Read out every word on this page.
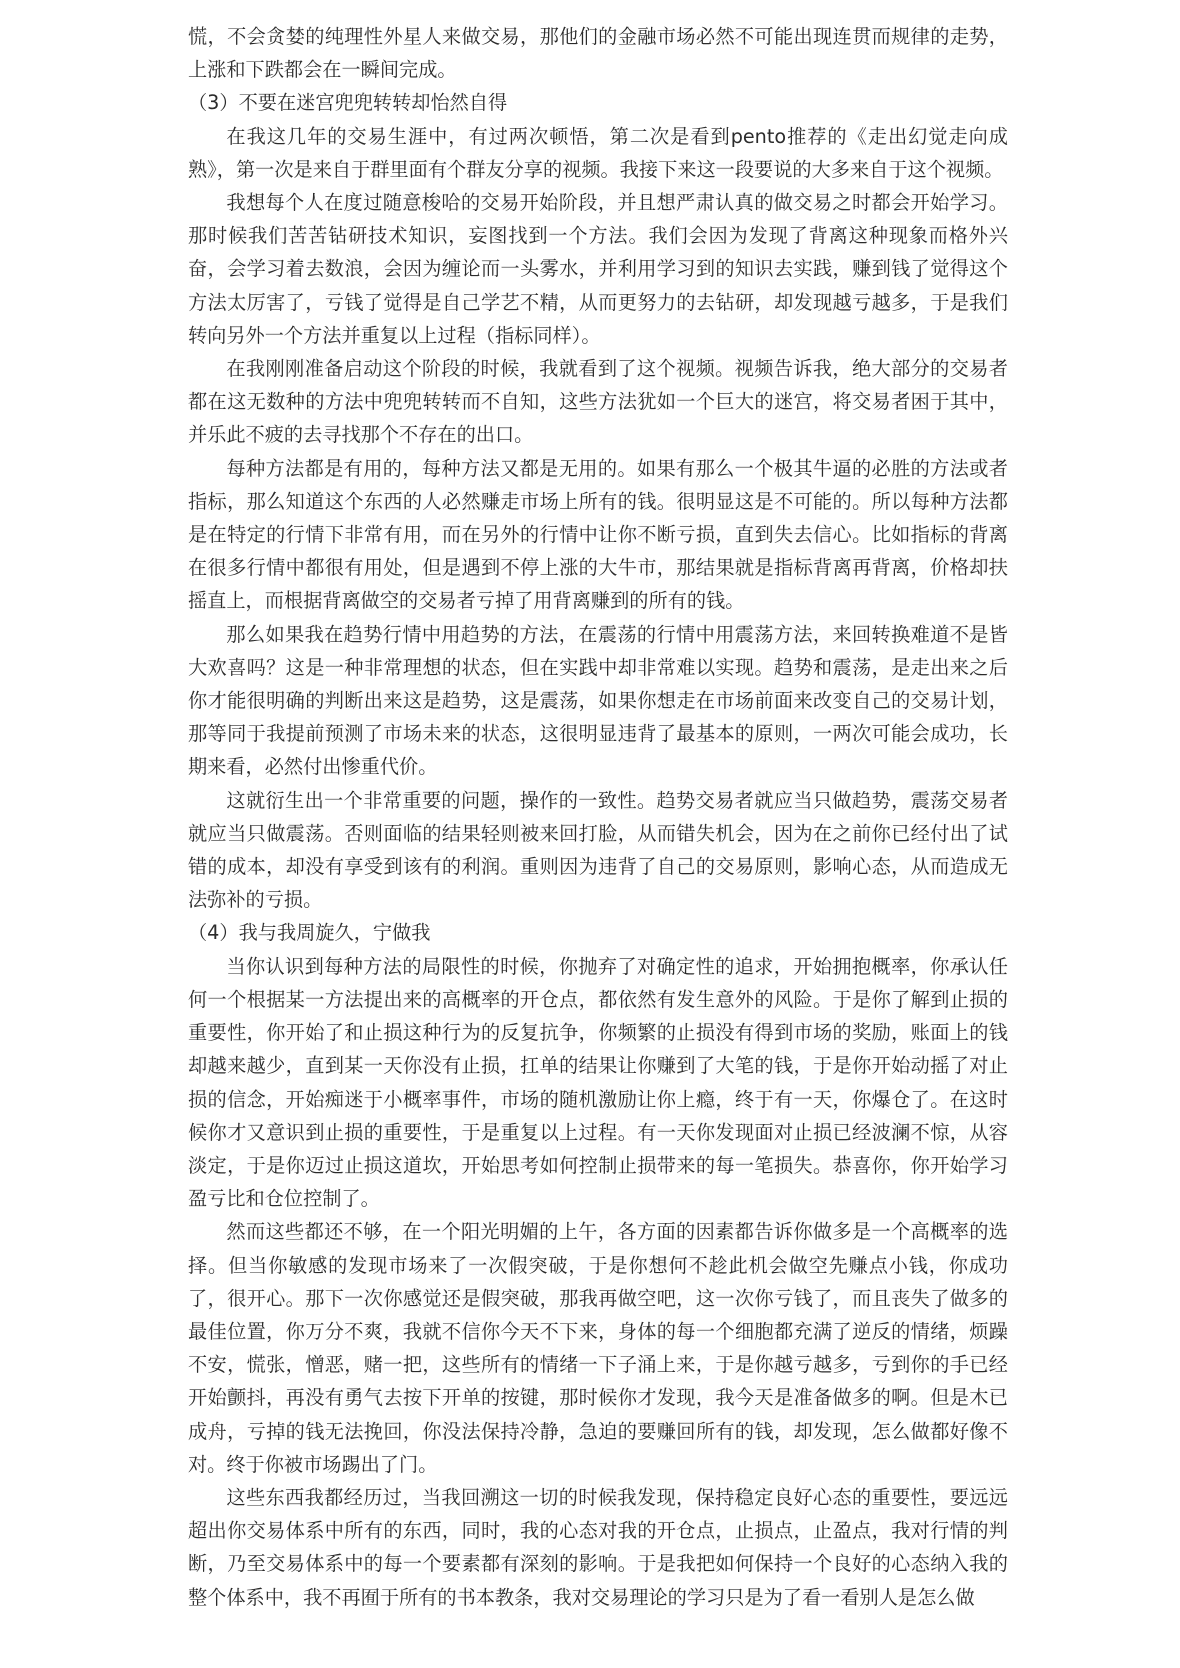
慌，不会贪婪的纯理性外星人来做交易，那他们的金融市场必然不可能出现连贯而规律的走势，上涨和下跌都会在一瞬间完成。

（3）不要在迷宫兜兜转转却怡然自得

在我这几年的交易生涯中，有过两次顿悟，第二次是看到pento推荐的《走出幻觉走向成熟》，第一次是来自于群里面有个群友分享的视频。我接下来这一段要说的大多来自于这个视频。

我想每个人在度过随意梭哈的交易开始阶段，并且想严肃认真的做交易之时都会开始学习。那时候我们苦苦钻研技术知识，妄图找到一个方法。我们会因为发现了背离这种现象而格外兴奋，会学习着去数浪，会因为缠论而一头雾水，并利用学习到的知识去实践，赚到钱了觉得这个方法太厉害了，亏钱了觉得是自己学艺不精，从而更努力的去钻研，却发现越亏越多，于是我们转向另外一个方法并重复以上过程（指标同样）。

在我刚刚准备启动这个阶段的时候，我就看到了这个视频。视频告诉我，绝大部分的交易者都在这无数种的方法中兜兜转转而不自知，这些方法犹如一个巨大的迷宫，将交易者困于其中，并乐此不疲的去寻找那个不存在的出口。

每种方法都是有用的，每种方法又都是无用的。如果有那么一个极其牛逼的必胜的方法或者指标，那么知道这个东西的人必然赚走市场上所有的钱。很明显这是不可能的。所以每种方法都是在特定的行情下非常有用，而在另外的行情中让你不断亏损，直到失去信心。比如指标的背离在很多行情中都很有用处，但是遇到不停上涨的大牛市，那结果就是指标背离再背离，价格却扶摇直上，而根据背离做空的交易者亏掉了用背离赚到的所有的钱。

那么如果我在趋势行情中用趋势的方法，在震荡的行情中用震荡方法，来回转换难道不是皆大欢喜吗？这是一种非常理想的状态，但在实践中却非常难以实现。趋势和震荡，是走出来之后你才能很明确的判断出来这是趋势，这是震荡，如果你想走在市场前面来改变自己的交易计划，那等同于我提前预测了市场未来的状态，这很明显违背了最基本的原则，一两次可能会成功，长期来看，必然付出惨重代价。

这就衍生出一个非常重要的问题，操作的一致性。趋势交易者就应当只做趋势，震荡交易者就应当只做震荡。否则面临的结果轻则被来回打脸，从而错失机会，因为在之前你已经付出了试错的成本，却没有享受到该有的利润。重则因为违背了自己的交易原则，影响心态，从而造成无法弥补的亏损。

（4）我与我周旋久，宁做我

当你认识到每种方法的局限性的时候，你抛弃了对确定性的追求，开始拥抱概率，你承认任何一个根据某一方法提出来的高概率的开仓点，都依然有发生意外的风险。于是你了解到止损的重要性，你开始了和止损这种行为的反复抗争，你频繁的止损没有得到市场的奖励，账面上的钱却越来越少，直到某一天你没有止损，扛单的结果让你赚到了大笔的钱，于是你开始动摇了对止损的信念，开始痴迷于小概率事件，市场的随机激励让你上瘾，终于有一天，你爆仓了。在这时候你才又意识到止损的重要性，于是重复以上过程。有一天你发现面对止损已经波澜不惊，从容淡定，于是你迈过止损这道坎，开始思考如何控制止损带来的每一笔损失。恭喜你，你开始学习盈亏比和仓位控制了。

然而这些都还不够，在一个阳光明媚的上午，各方面的因素都告诉你做多是一个高概率的选择。但当你敏感的发现市场来了一次假突破，于是你想何不趁此机会做空先赚点小钱，你成功了，很开心。那下一次你感觉还是假突破，那我再做空吧，这一次你亏钱了，而且丧失了做多的最佳位置，你万分不爽，我就不信你今天不下来，身体的每一个细胞都充满了逆反的情绪，烦躁不安，慌张，憎恶，赌一把，这些所有的情绪一下子涌上来，于是你越亏越多，亏到你的手已经开始颤抖，再没有勇气去按下开单的按键，那时候你才发现，我今天是准备做多的啊。但是木已成舟，亏掉的钱无法挽回，你没法保持冷静，急迫的要赚回所有的钱，却发现，怎么做都好像不对。终于你被市场踢出了门。

这些东西我都经历过，当我回溯这一切的时候我发现，保持稳定良好心态的重要性，要远远超出你交易体系中所有的东西，同时，我的心态对我的开仓点，止损点，止盈点，我对行情的判断，乃至交易体系中的每一个要素都有深刻的影响。于是我把如何保持一个良好的心态纳入我的整个体系中，我不再囿于所有的书本教条，我对交易理论的学习只是为了看一看别人是怎么做
